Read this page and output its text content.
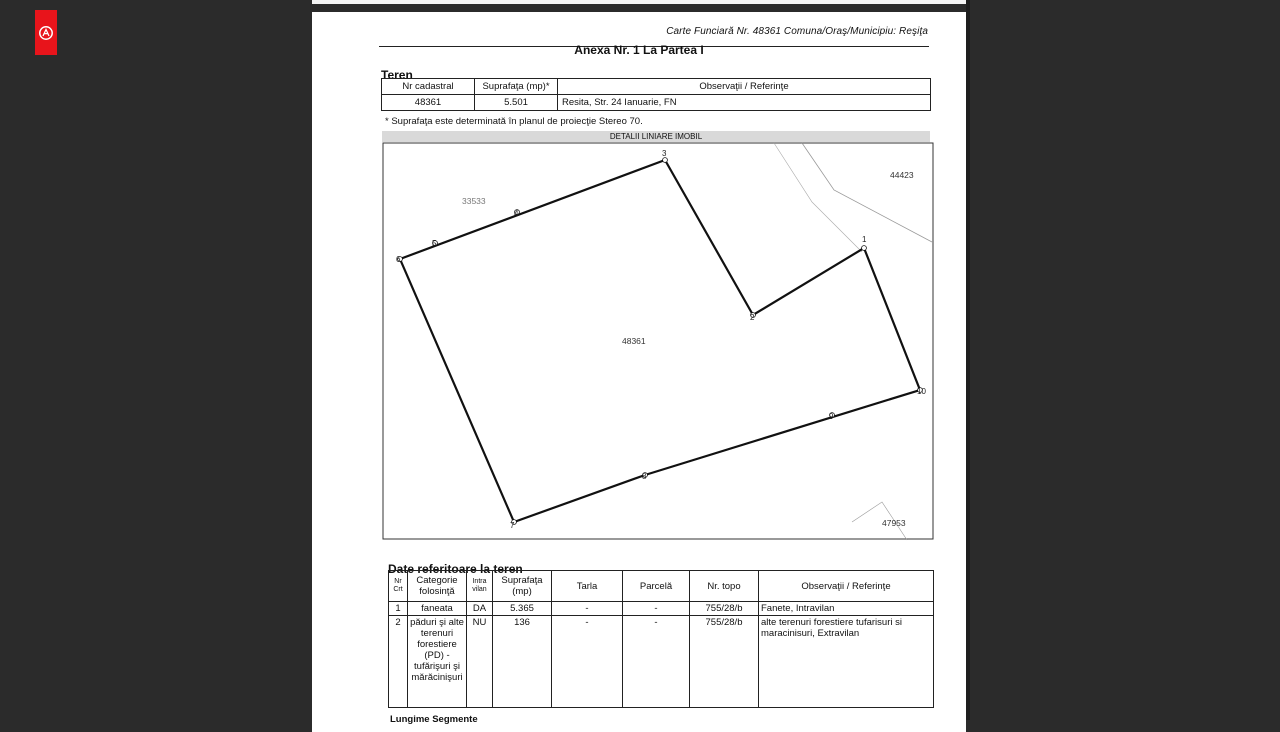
Carte Funciară Nr. 48361 Comuna/Oraş/Municipiu: Reşiţa
Anexa Nr. 1 La Partea I
Teren
Nr cadastral	Suprafaţa (mp)*	Observaţii / Referinţe
48361	5.501	Resita, Str. 24 Ianuarie, FN
* Suprafaţa este determinată în planul de proiecţie Stereo 70.
DETALII LINIARE IMOBIL
1
2
3
4
5
6
7
8
9
10
48361
33533
44423
47953
Date referitoare la teren
Nr Crt	Categorie folosinţă	Intra vilan	Suprafaţa (mp)	Tarla	Parcelă	Nr. topo	Observaţii / Referinţe
1	faneata	DA	5.365	-	-	755/28/b	Fanete, Intravilan
2	păduri şi alte terenuri forestiere (PD) - tufărişuri şi mărăcinişuri	NU	136	-	-	755/28/b	alte terenuri forestiere tufarisuri si maracinisuri, Extravilan
Lungime Segmente
